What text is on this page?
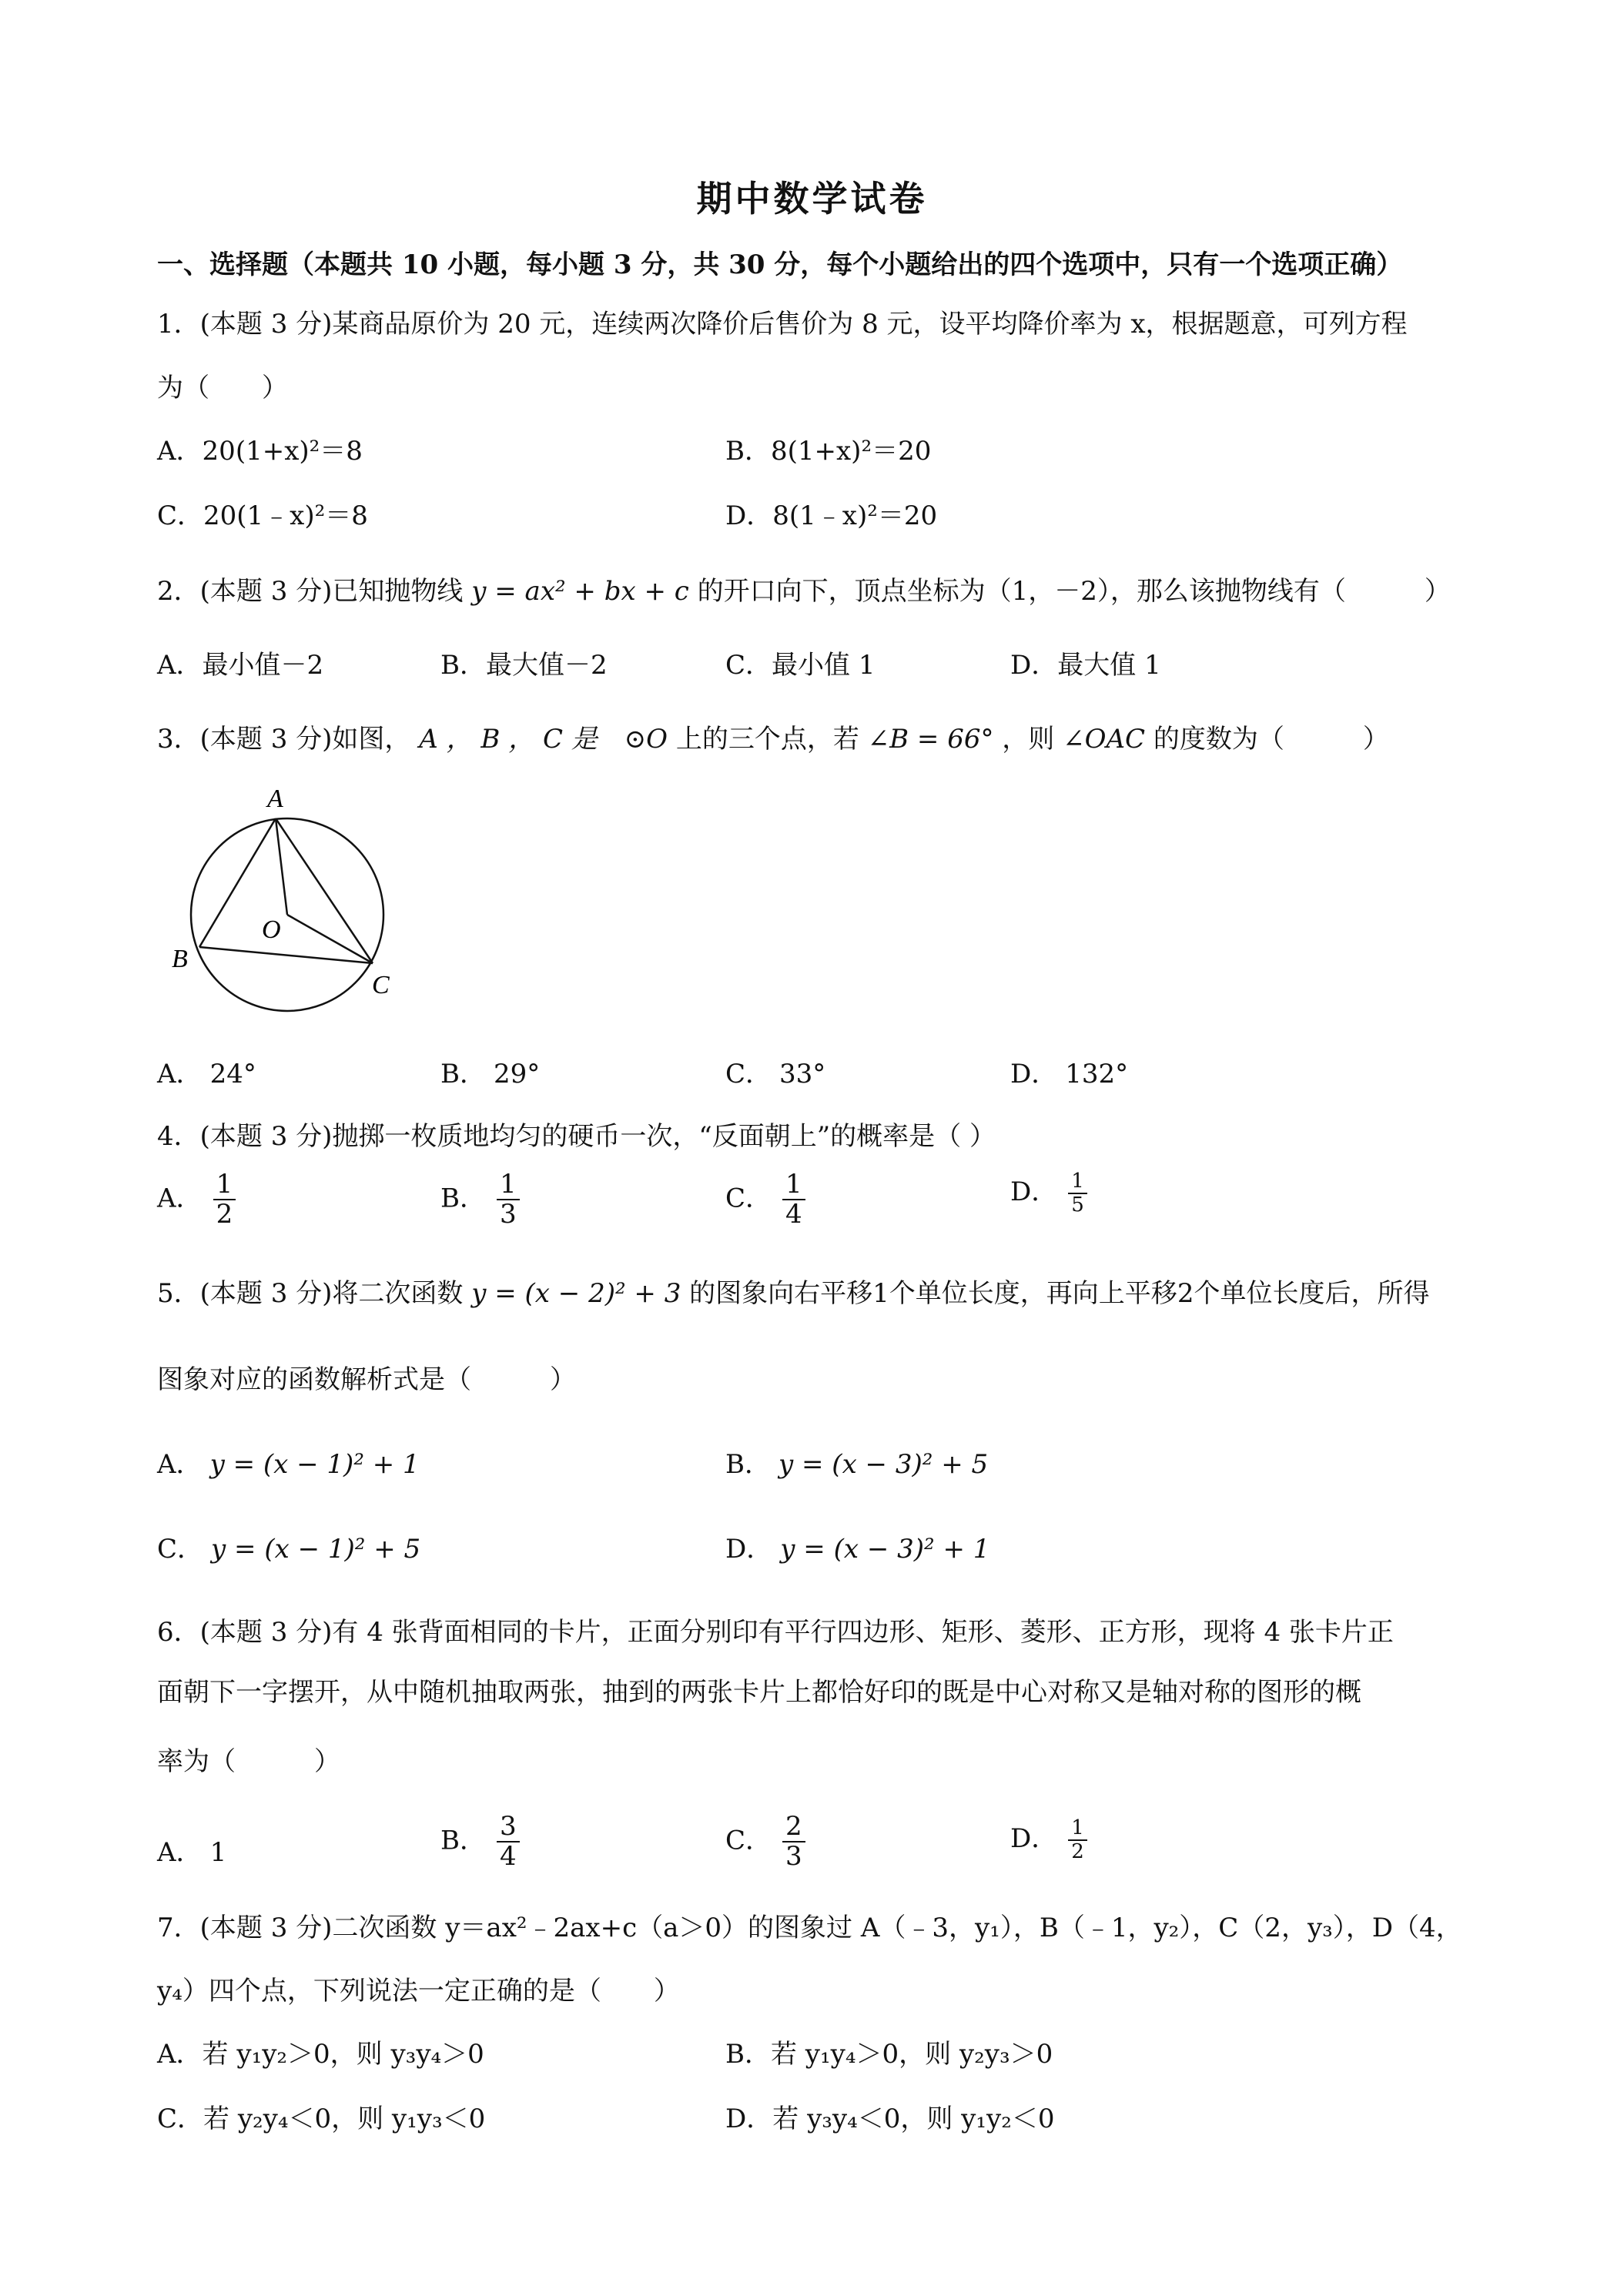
期中数学试卷
一、选择题（本题共 10 小题，每小题 3 分，共 30 分，每个小题给出的四个选项中，只有一个选项正确）
1．(本题 3 分)某商品原价为 20 元，连续两次降价后售价为 8 元，设平均降价率为 x，根据题意，可列方程
为（　　）
A．20(1+x)²＝8	B．8(1+x)²＝20
C．20(1﹣x)²＝8	D．8(1﹣x)²＝20
2．(本题 3 分)已知抛物线 y = ax² + bx + c 的开口向下，顶点坐标为（1，－2），那么该抛物线有（　　　）
A．最小值－2	B．最大值－2	C．最小值 1	D．最大值 1
3．(本题 3 分)如图， A ， B ， C 是 ⊙O 上的三个点，若 ∠B = 66° ，则 ∠OAC 的度数为（　　　）
A
B
C
O
A． 24°	B． 29°	C． 33°	D． 132°
4．(本题 3 分)抛掷一枚质地均匀的硬币一次，“反面朝上”的概率是（ ）
A． $\frac{1}{2}$	B． $\frac{1}{3}$	C． $\frac{1}{4}$	D． $\frac{1}{5}$
5．(本题 3 分)将二次函数 y = (x − 2)² + 3 的图象向右平移1个单位长度，再向上平移2个单位长度后，所得
图象对应的函数解析式是（　　　）
A． y = (x − 1)² + 1	B． y = (x − 3)² + 5
C． y = (x − 1)² + 5	D． y = (x − 3)² + 1
6．(本题 3 分)有 4 张背面相同的卡片，正面分别印有平行四边形、矩形、菱形、正方形，现将 4 张卡片正
面朝下一字摆开，从中随机抽取两张，抽到的两张卡片上都恰好印的既是中心对称又是轴对称的图形的概
率为（　　　）
A． 1	B． $\frac{3}{4}$	C． $\frac{2}{3}$	D． $\frac{1}{2}$
7．(本题 3 分)二次函数 y＝ax²﹣2ax+c（a＞0）的图象过 A（﹣3，y₁），B（﹣1，y₂），C（2，y₃），D（4，
y₄）四个点，下列说法一定正确的是（　　）
A．若 y₁y₂＞0，则 y₃y₄＞0	B．若 y₁y₄＞0，则 y₂y₃＞0
C．若 y₂y₄＜0，则 y₁y₃＜0	D．若 y₃y₄＜0，则 y₁y₂＜0
